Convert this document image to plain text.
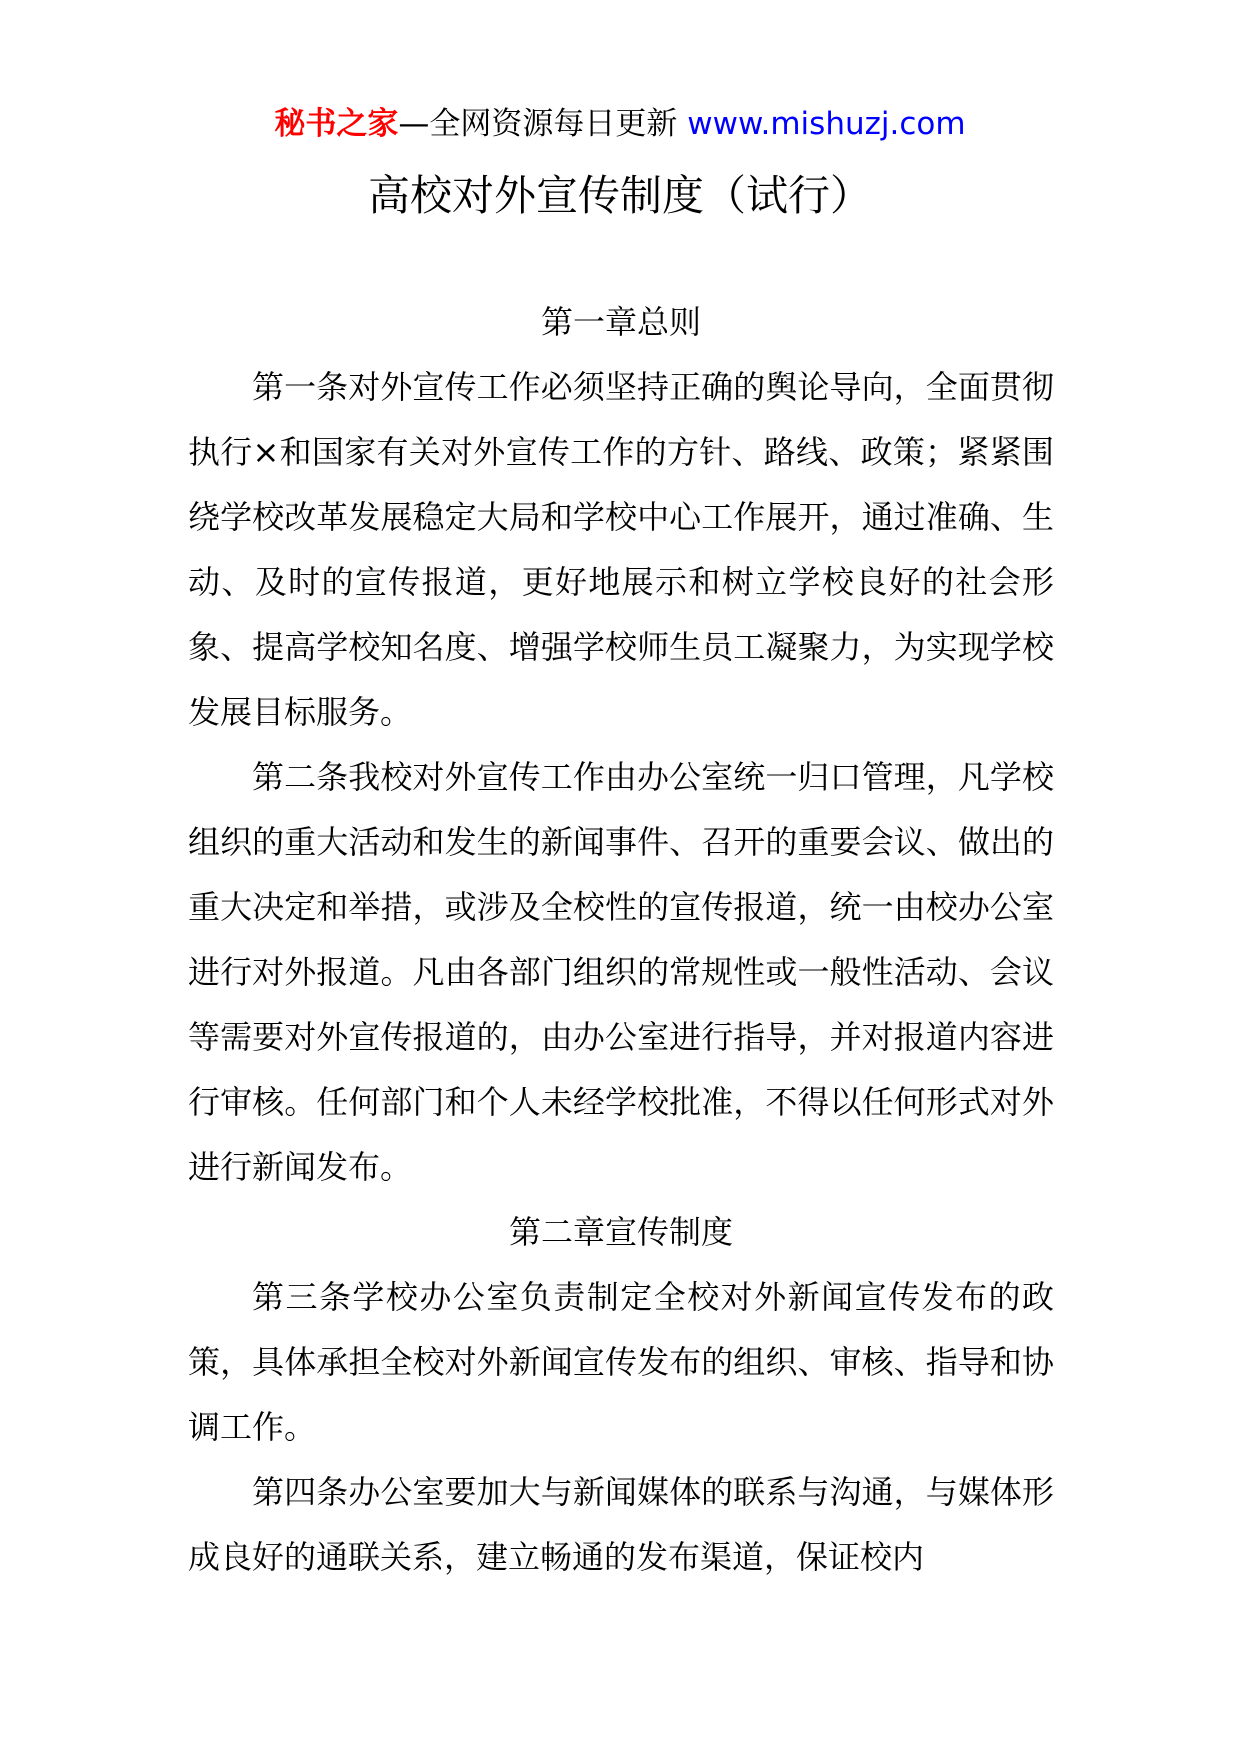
秘书之家—全网资源每日更新 www.mishuzj.com
高校对外宣传制度（试行）
第一章总则

第一条对外宣传工作必须坚持正确的舆论导向，全面贯彻执行×和国家有关对外宣传工作的方针、路线、政策；紧紧围绕学校改革发展稳定大局和学校中心工作展开，通过准确、生动、及时的宣传报道，更好地展示和树立学校良好的社会形象、提高学校知名度、增强学校师生员工凝聚力，为实现学校发展目标服务。

第二条我校对外宣传工作由办公室统一归口管理，凡学校组织的重大活动和发生的新闻事件、召开的重要会议、做出的重大决定和举措，或涉及全校性的宣传报道，统一由校办公室进行对外报道。凡由各部门组织的常规性或一般性活动、会议等需要对外宣传报道的，由办公室进行指导，并对报道内容进行审核。任何部门和个人未经学校批准，不得以任何形式对外进行新闻发布。

第二章宣传制度

第三条学校办公室负责制定全校对外新闻宣传发布的政策，具体承担全校对外新闻宣传发布的组织、审核、指导和协调工作。

第四条办公室要加大与新闻媒体的联系与沟通，与媒体形成良好的通联关系，建立畅通的发布渠道，保证校内
